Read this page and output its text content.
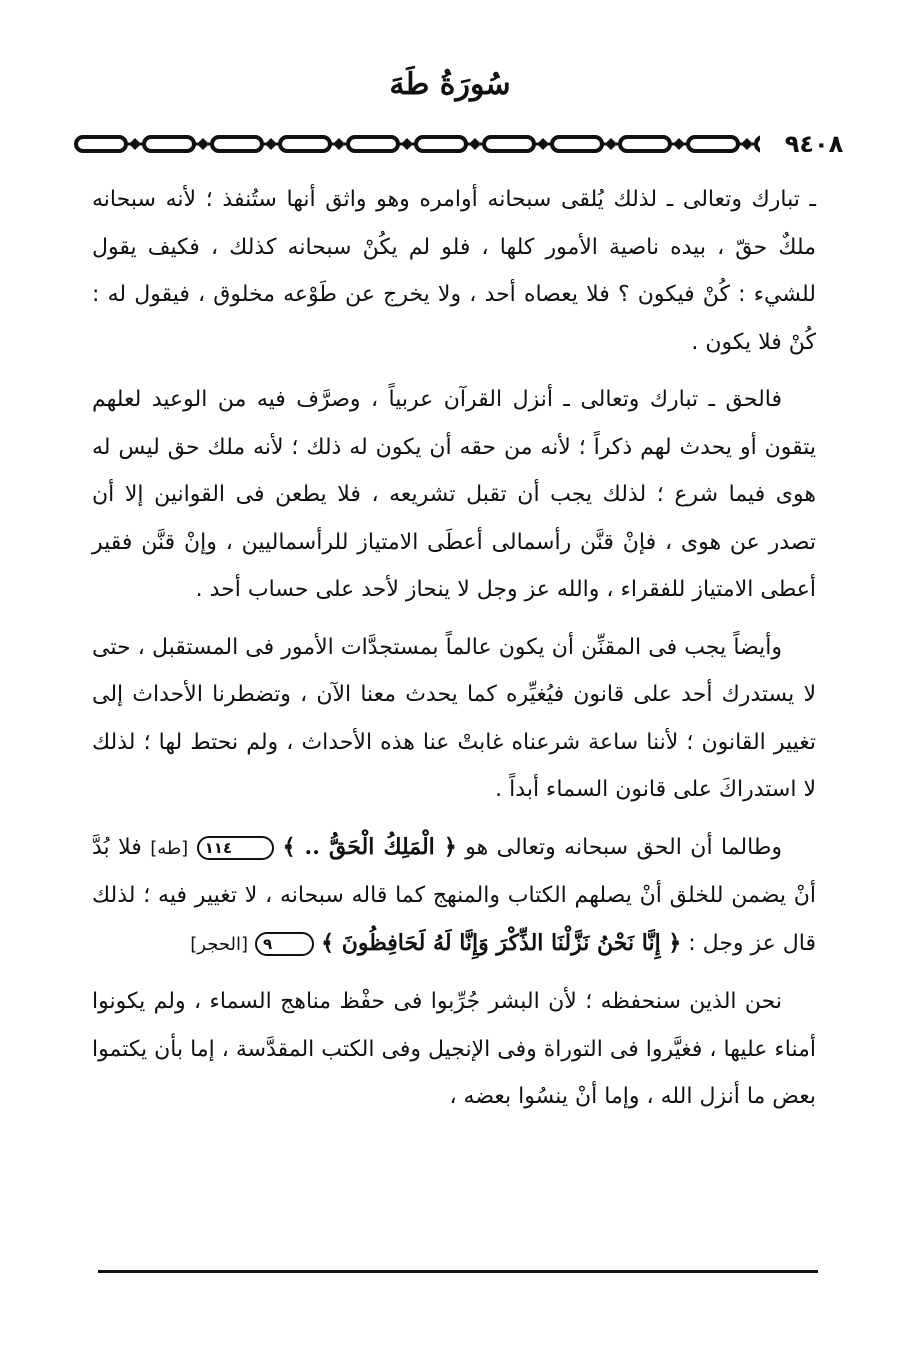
سُورَةُ طَهَ
٩٤٠٨

ـ تبارك وتعالى ـ لذلك يُلقى سبحانه أوامره وهو واثق أنها ستُنفذ ؛ لأنه سبحانه ملكٌ حقّ ، بيده ناصية الأمور كلها ، فلو لم يكُنْ سبحانه كذلك ، فكيف يقول للشيء : كُنْ فيكون ؟ فلا يعصاه أحد ، ولا يخرج عن طَوْعه مخلوق ، فيقول له : كُنْ فلا يكون .

فالحق ـ تبارك وتعالى ـ أنزل القرآن عربياً ، وصرَّف فيه من الوعيد لعلهم يتقون أو يحدث لهم ذكراً ؛ لأنه من حقه أن يكون له ذلك ؛ لأنه ملك حق ليس له هوى فيما شرع ؛ لذلك يجب أن تقبل تشريعه ، فلا يطعن فى القوانين إلا أن تصدر عن هوى ، فإنْ قنَّن رأسمالى أعطَى الامتياز للرأسماليين ، وإنْ قنَّن فقير أعطى الامتياز للفقراء ، والله عز وجل لا ينحاز لأحد على حساب أحد .

وأيضاً يجب فى المقنِّن أن يكون عالماً بمستجدَّات الأمور فى المستقبل ، حتى لا يستدرك أحد على قانون فيُغيِّره كما يحدث معنا الآن ، وتضطرنا الأحداث إلى تغيير القانون ؛ لأننا ساعة شرعناه غابتْ عنا هذه الأحداث ، ولم نحتط لها ؛ لذلك لا استدراكَ على قانون السماء أبداً .

وطالما أن الحق سبحانه وتعالى هو ﴿ الْمَلِكُ الْحَقُّ .. ﴾ ١١٤ [طه] فلا بُدَّ أنْ يضمن للخلق أنْ يصلهم الكتاب والمنهج كما قاله سبحانه ، لا تغيير فيه ؛ لذلك قال عز وجل : ﴿ إِنَّا نَحْنُ نَزَّلْنَا الذِّكْرَ وَإِنَّا لَهُ لَحَافِظُونَ ﴾ ٩ [الحجر]

نحن الذين سنحفظه ؛ لأن البشر جُرِّبوا فى حفْظ مناهج السماء ، ولم يكونوا أمناء عليها ، فغيَّروا فى التوراة وفى الإنجيل وفى الكتب المقدَّسة ، إما بأن يكتموا بعض ما أنزل الله ، وإما أنْ ينسُوا بعضه ،
